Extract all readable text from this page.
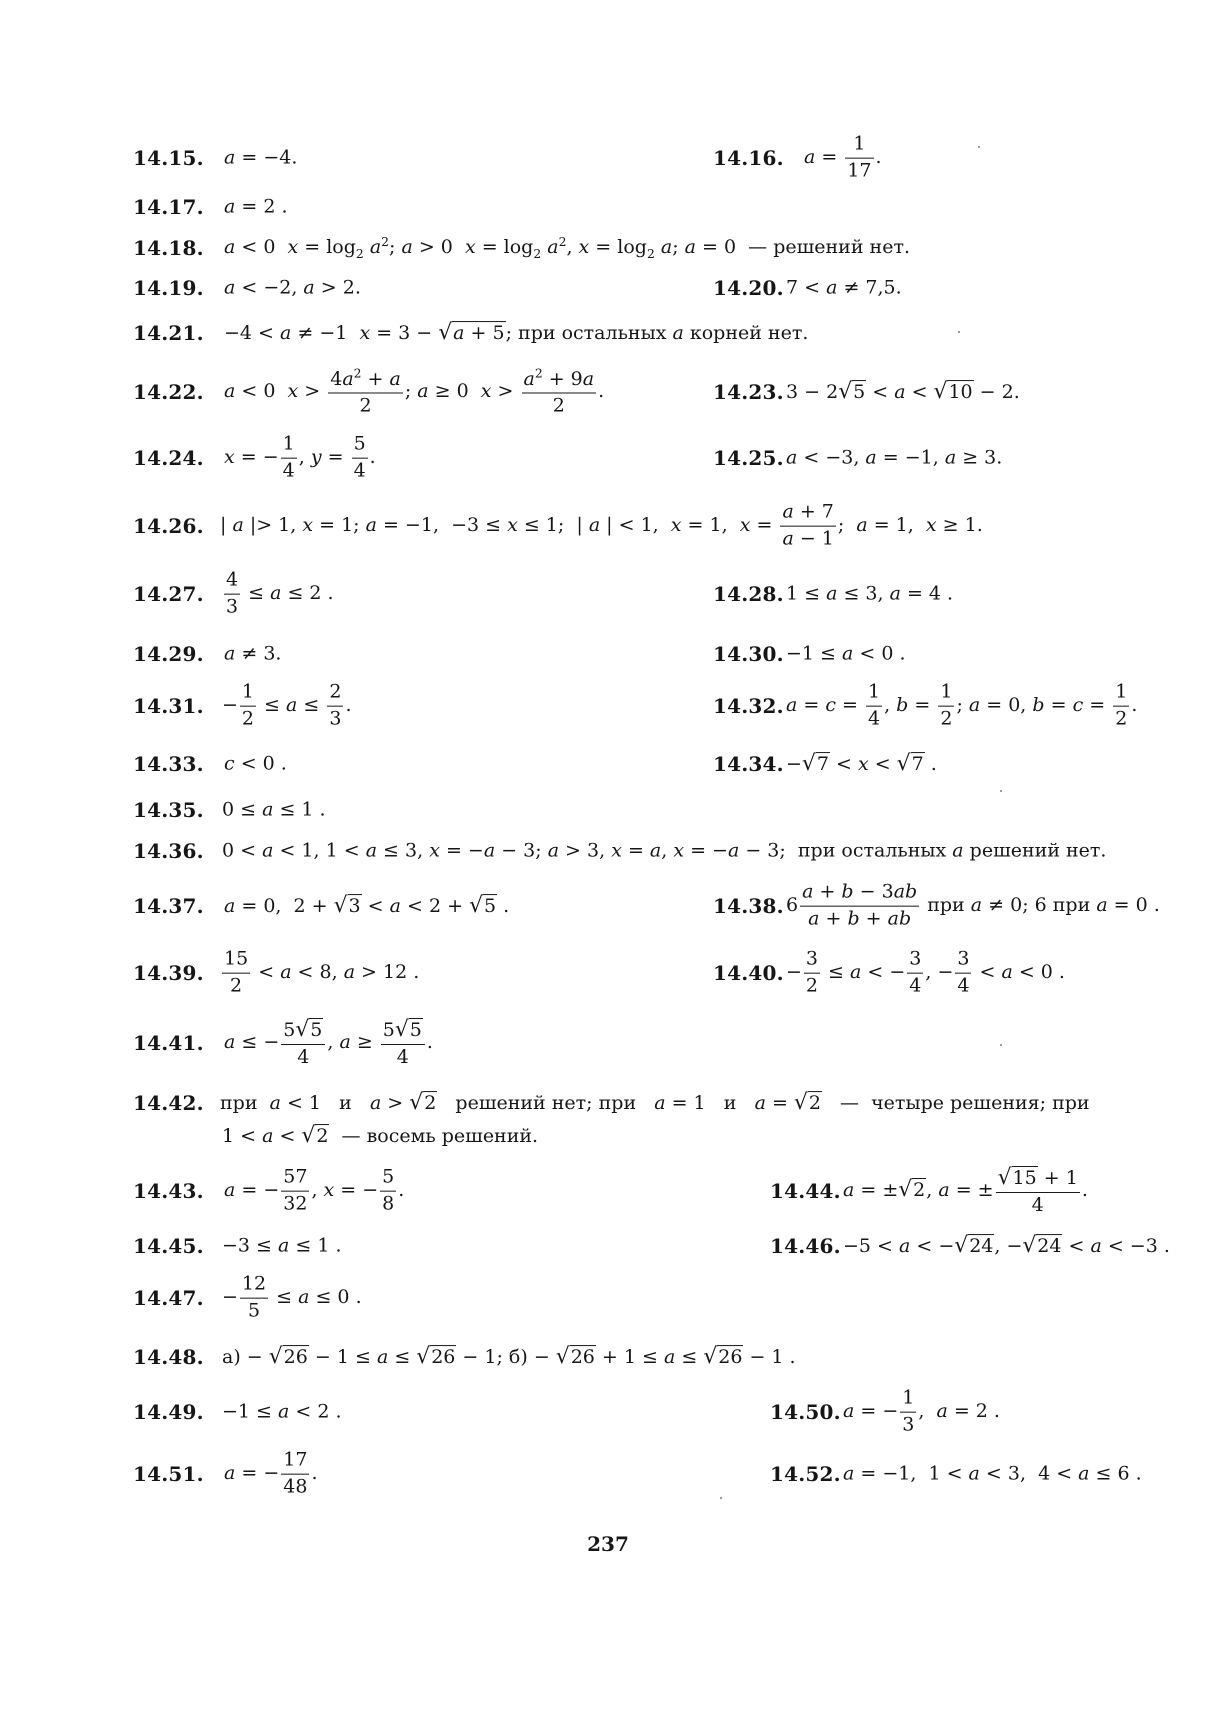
14.15. a = −4.	14.16. $a = \frac{1}{17}$ .
14.17. a = 2 .
14.18. a < 0  $x = \log_2 a^2$; a > 0  $x = \log_2 a^2$, $x = \log_2 a$; a = 0  — решений нет.
14.19. a < −2, a > 2.	14.20. 7 < a ≠ 7,5.
14.21. −4 < a ≠ −1  x = 3 − √a + 5; при остальных a корней нет.
14.22. a < 0  $x > \frac{4a^2 + a}{2}$ ; a ≥ 0  $x > \frac{a^2 + 9a}{2}$ .	14.23. 3 − 2√5 < a < √10 − 2.
14.24. x = − $\frac{1}{4}$ , $y = \frac{5}{4}$ .	14.25. a < −3, a = −1, a ≥ 3.
14.26. | a |> 1, x = 1; a = −1,  −3 ≤ x ≤ 1;  | a | < 1,  x = 1,  $x = \frac{a + 7}{a - 1}$ ;  a = 1,  x ≥ 1.
14.27. $\frac{4}{3} \le a \le 2$ .	14.28. 1 ≤ a ≤ 3, a = 4 .
14.29. a ≠ 3.	14.30. −1 ≤ a < 0 .
14.31. − $\frac{1}{2} \le a \le \frac{2}{3}$ .	14.32. $a = c = \frac{1}{4}$ , $b = \frac{1}{2}$ ; a = 0, $b = c = \frac{1}{2}$ .
14.33. c < 0 .	14.34. −√7 < x < √7 .
14.35. 0 ≤ a ≤ 1 .
14.36. 0 < a < 1, 1 < a ≤ 3, x = −a − 3; a > 3, x = a, x = −a − 3;  при остальных a решений нет.
14.37. a = 0,  2 + √3 < a < 2 + √5 .	14.38. $6 \frac{a + b - 3ab}{a + b + ab}$ при a ≠ 0; 6 при a = 0 .
14.39. $\frac{15}{2} < a < 8$, a > 12 .	14.40. − $\frac{3}{2} \le a$ < − $\frac{3}{4}$ , − $\frac{3}{4} < a < 0$ .
14.41. a ≤ − $\frac{5√5}{4}$ , $a \ge \frac{5√5}{4}$ .
14.42. при a < 1   и a > √2 решений нет; при a = 1   и a = √2   —  четыре решения; при
1 < a < √2  — восемь решений.
14.43. a = − $\frac{57}{32}$ , x = − $\frac{5}{8}$ .	14.44. a = ±√2, a = ± $\frac{√15 + 1}{4}$ .
14.45. −3 ≤ a ≤ 1 .	14.46. −5 < a < −√24, −√24 < a < −3 .
14.47. − $\frac{12}{5} \le a \le 0$ .
14.48. а) − √26 − 1 ≤ a ≤ √26 − 1; б) − √26 + 1 ≤ a ≤ √26 − 1 .
14.49. −1 ≤ a < 2 .	14.50. a = − $\frac{1}{3}$ ,  a = 2 .
14.51. a = − $\frac{17}{48}$ .	14.52. a = −1,  1 < a < 3,  4 < a ≤ 6 .
237
